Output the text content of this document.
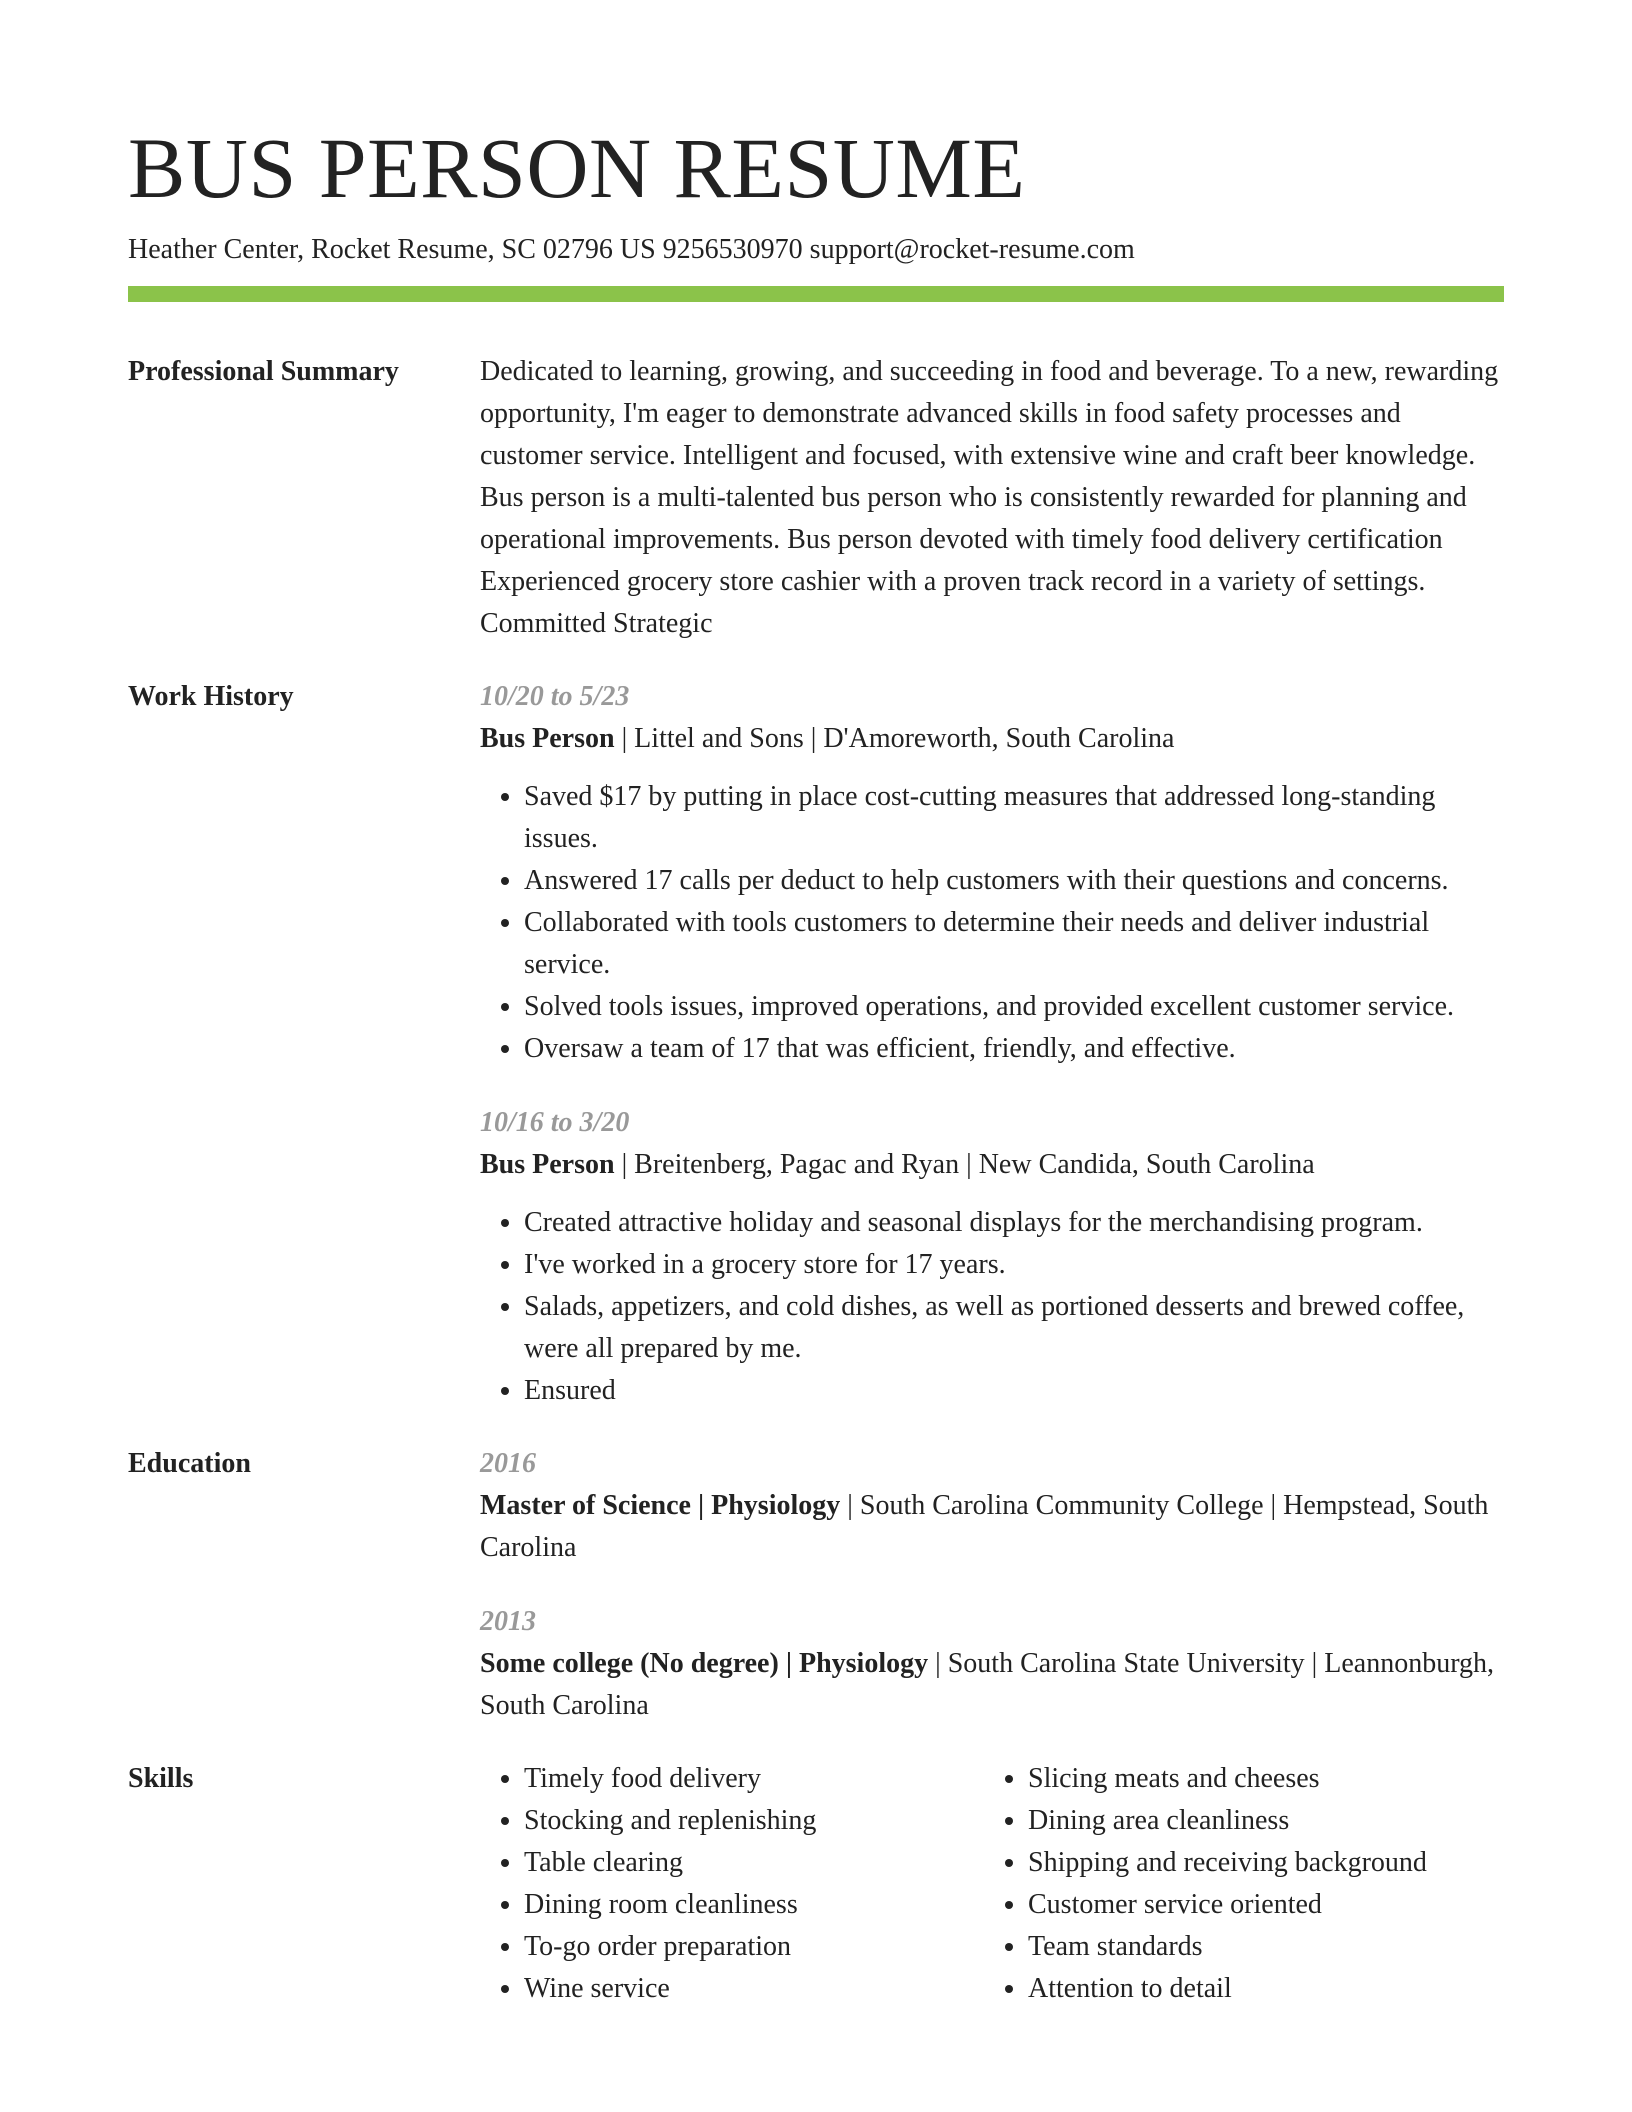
BUS PERSON RESUME
Heather Center, Rocket Resume, SC 02796 US 9256530970 support@rocket-resume.com
Professional Summary	Dedicated to learning, growing, and succeeding in food and beverage. To a new, rewarding opportunity, I'm eager to demonstrate advanced skills in food safety processes and customer service. Intelligent and focused, with extensive wine and craft beer knowledge. Bus person is a multi-talented bus person who is consistently rewarded for planning and operational improvements. Bus person devoted with timely food delivery certification Experienced grocery store cashier with a proven track record in a variety of settings. Committed Strategic
Work History	10/20 to 5/23
Bus Person | Littel and Sons | D'Amoreworth, South Carolina
• Saved $17 by putting in place cost-cutting measures that addressed long-standing issues.
• Answered 17 calls per deduct to help customers with their questions and concerns.
• Collaborated with tools customers to determine their needs and deliver industrial service.
• Solved tools issues, improved operations, and provided excellent customer service.
• Oversaw a team of 17 that was efficient, friendly, and effective.
10/16 to 3/20
Bus Person | Breitenberg, Pagac and Ryan | New Candida, South Carolina
• Created attractive holiday and seasonal displays for the merchandising program.
• I've worked in a grocery store for 17 years.
• Salads, appetizers, and cold dishes, as well as portioned desserts and brewed coffee, were all prepared by me.
• Ensured
Education	2016
Master of Science | Physiology | South Carolina Community College | Hempstead, South Carolina
2013
Some college (No degree) | Physiology | South Carolina State University | Leannonburgh, South Carolina
Skills
•	Timely food delivery
• Stocking and replenishing
• Table clearing
• Dining room cleanliness
• To-go order preparation
• Wine service
• Slicing meats and cheeses
• Dining area cleanliness
• Shipping and receiving background
• Customer service oriented
• Team standards
• Attention to detail
